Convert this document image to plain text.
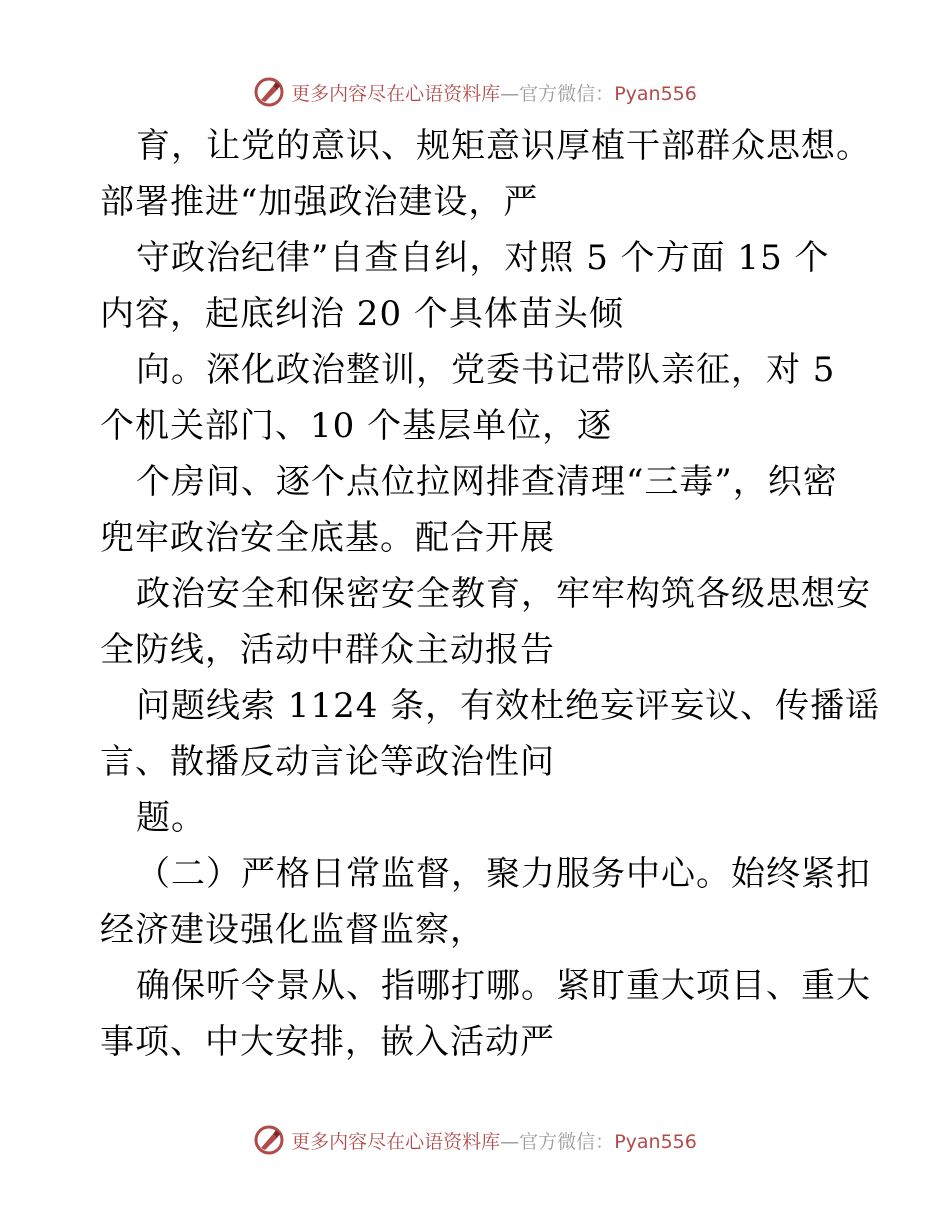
更多内容尽在心语资料库—官方微信：Pyan556
育，让党的意识、规矩意识厚植干部群众思想。
部署推进“加强政治建设，严
守政治纪律”自查自纠，对照 5 个方面 15 个
内容，起底纠治 20 个具体苗头倾
向。深化政治整训，党委书记带队亲征，对 5
个机关部门、10 个基层单位，逐
个房间、逐个点位拉网排查清理“三毒”，织密
兜牢政治安全底基。配合开展
政治安全和保密安全教育，牢牢构筑各级思想安
全防线，活动中群众主动报告
问题线索 1124 条，有效杜绝妄评妄议、传播谣
言、散播反动言论等政治性问
题。
（二）严格日常监督，聚力服务中心。始终紧扣
经济建设强化监督监察，
确保听令景从、指哪打哪。紧盯重大项目、重大
事项、中大安排，嵌入活动严
更多内容尽在心语资料库—官方微信：Pyan556
